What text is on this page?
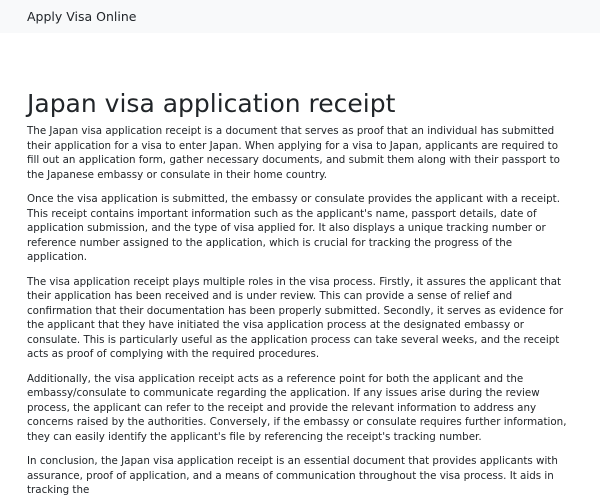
Apply Visa Online
Japan visa application receipt

The Japan visa application receipt is a document that serves as proof that an individual has submitted their application for a visa to enter Japan. When applying for a visa to Japan, applicants are required to fill out an application form, gather necessary documents, and submit them along with their passport to the Japanese embassy or consulate in their home country.

Once the visa application is submitted, the embassy or consulate provides the applicant with a receipt. This receipt contains important information such as the applicant's name, passport details, date of application submission, and the type of visa applied for. It also displays a unique tracking number or reference number assigned to the application, which is crucial for tracking the progress of the application.

The visa application receipt plays multiple roles in the visa process. Firstly, it assures the applicant that their application has been received and is under review. This can provide a sense of relief and confirmation that their documentation has been properly submitted. Secondly, it serves as evidence for the applicant that they have initiated the visa application process at the designated embassy or consulate. This is particularly useful as the application process can take several weeks, and the receipt acts as proof of complying with the required procedures.

Additionally, the visa application receipt acts as a reference point for both the applicant and the embassy/consulate to communicate regarding the application. If any issues arise during the review process, the applicant can refer to the receipt and provide the relevant information to address any concerns raised by the authorities. Conversely, if the embassy or consulate requires further information, they can easily identify the applicant's file by referencing the receipt's tracking number.

In conclusion, the Japan visa application receipt is an essential document that provides applicants with assurance, proof of application, and a means of communication throughout the visa process. It aids in tracking the
